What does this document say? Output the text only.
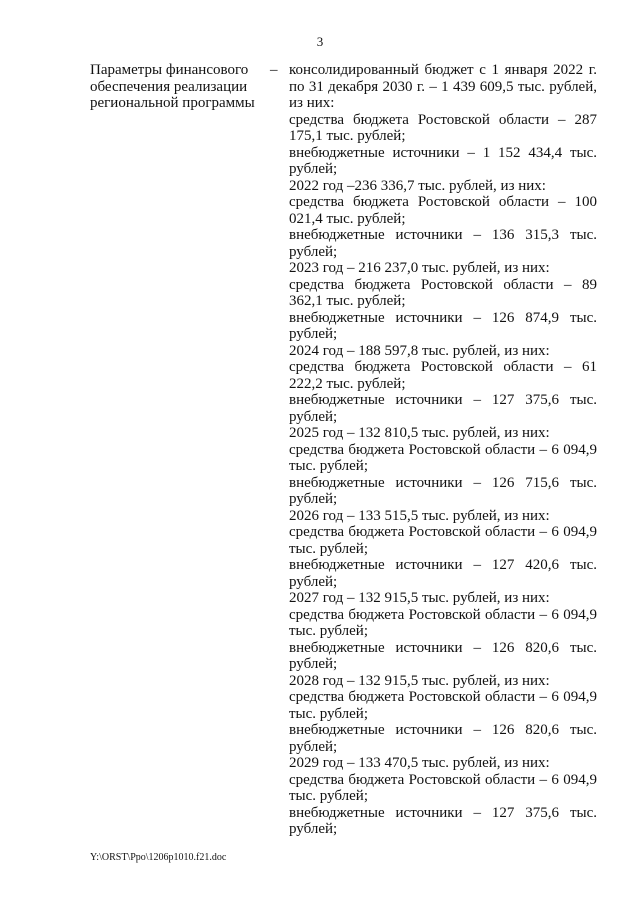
3
Параметры финансового обеспечения реализации региональной программы
– консолидированный бюджет с 1 января 2022 г. по 31 декабря 2030 г. – 1 439 609,5 тыс. рублей, из них:

средства бюджета Ростовской области – 287 175,1 тыс. рублей;

внебюджетные источники – 1 152 434,4 тыс. рублей;

2022 год –236 336,7 тыс. рублей, из них:

средства бюджета Ростовской области – 100 021,4 тыс. рублей;

внебюджетные источники – 136 315,3 тыс. рублей;

2023 год – 216 237,0 тыс. рублей, из них:

средства бюджета Ростовской области – 89 362,1 тыс. рублей;

внебюджетные источники – 126 874,9 тыс. рублей;

2024 год – 188 597,8 тыс. рублей, из них:

средства бюджета Ростовской области – 61 222,2 тыс. рублей;

внебюджетные источники – 127 375,6 тыс. рублей;

2025 год – 132 810,5 тыс. рублей, из них:

средства бюджета Ростовской области – 6 094,9 тыс. рублей;

внебюджетные источники – 126 715,6 тыс. рублей;

2026 год – 133 515,5 тыс. рублей, из них:

средства бюджета Ростовской области – 6 094,9 тыс. рублей;

внебюджетные источники – 127 420,6 тыс. рублей;

2027 год – 132 915,5 тыс. рублей, из них:

средства бюджета Ростовской области – 6 094,9 тыс. рублей;

внебюджетные источники – 126 820,6 тыс. рублей;

2028 год – 132 915,5 тыс. рублей, из них:

средства бюджета Ростовской области – 6 094,9 тыс. рублей;

внебюджетные источники – 126 820,6 тыс. рублей;

2029 год – 133 470,5 тыс. рублей, из них:

средства бюджета Ростовской области – 6 094,9 тыс. рублей;

внебюджетные источники – 127 375,6 тыс. рублей;

Y:\ORST\Ppo\1206p1010.f21.doc
